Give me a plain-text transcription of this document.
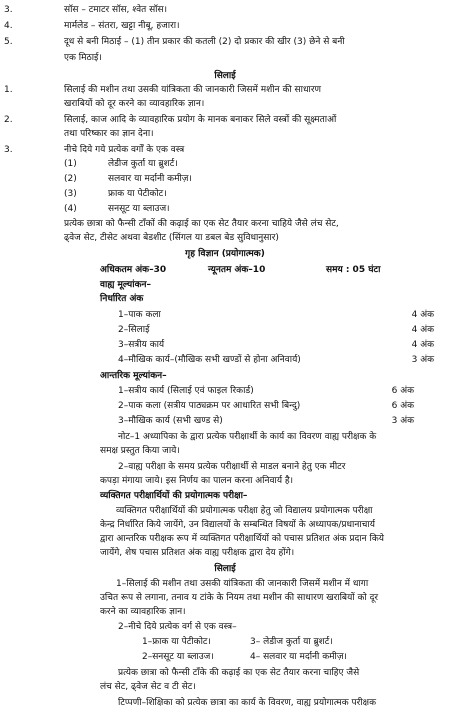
3.	सॉस – टमाटर सॉस, श्वेत सॉस।
4.	मार्मलेड – संतरा, खट्टा नीबू, हजारा।
5.	दूध से बनी मिठाई – (1) तीन प्रकार की कतली (2) दो प्रकार की खीर (3) छेने से बनी
एक मिठाई।
सिलाई
1.	सिलाई की मशीन तथा उसकी यांत्रिकता की जानकारी जिसमें मशीन की साधारण
खराबियों को दूर करने का व्यावहारिक ज्ञान।
2.	सिलाई, काज आदि के व्यावहारिक प्रयोग के मानक बनाकर सिले वस्त्रों की सूक्ष्मताओं
तथा परिष्कार का ज्ञान देना।
3.	नीचे दिये गये प्रत्येक वर्गों के एक वस्त्र
(1)	लेडीज कुर्ता या ब्रुशर्ट।
(2)	सलवार या मर्दानी कमीज़।
(3)	फ्राक या पेटीकोट।
(4)	सनसूट या ब्लाउज।
प्रत्येक छात्रा को फैन्सी टाँकों की कढ़ाई का एक सेट तैयार करना चाहिये जैसे लंच सेट,
ढ्वेज सेट, टीसेट अथवा बेडशीट (सिंगल या डबल बेड सुविधानुसार)
गृह विज्ञान (प्रयोगात्मक)
अधिकतम अंक–30	न्यूनतम अंक–10	समय : 05 घंटा
वाह्य मूल्यांकन–
निर्धारित अंक
1–पाक कला	4 अंक
2–सिलाई	4 अंक
3–सत्रीय कार्य	4 अंक
4–मौखिक कार्य–(मौखिक सभी खण्डों से होना अनिवार्य)	3 अंक
आन्तरिक मूल्यांकन–
1–सत्रीय कार्य (सिलाई एवं फाइल रिकार्ड)	6 अंक
2–पाक कला (सत्रीय पाठ्यक्रम पर आधारित सभी बिन्दु)	6 अंक
3–मौखिक कार्य (सभी खण्ड से)	3 अंक
नोट–1 अध्यापिका के द्वारा प्रत्येक परीक्षार्थी के कार्य का विवरण वाह्य परीक्षक के
समक्ष प्रस्तुत किया जाये।
2–वाह्य परीक्षा के समय प्रत्येक परीक्षार्थी से माडल बनाने हेतु एक मीटर
कपड़ा मंगाया जाये। इस निर्णय का पालन करना अनिवार्य है।
व्यक्तिगत परीक्षार्थियों की प्रयोगात्मक परीक्षा–
व्यक्तिगत परीक्षार्थियों की प्रयोगात्मक परीक्षा हेतु जो विद्यालय प्रयोगात्मक परीक्षा
केन्द्र निर्धारित किये जायेंगे, उन विद्यालयों के सम्बन्धित विषयों के अध्यापक/प्रधानाचार्य
द्वारा आन्तरिक परीक्षक रूप में व्यक्तिगत परीक्षार्थियों को पचास प्रतिशत अंक प्रदान किये
जायेंगे, शेष पचास प्रतिशत अंक वाह्य परीक्षक द्वारा देय होंगे।
सिलाई
1–सिलाई की मशीन तथा उसकी यांत्रिकता की जानकारी जिसमें मशीन में धागा
उचित रूप से लगाना, तनाव य टांके के नियम तथा मशीन की साधारण खराबियों को दूर
करने का व्यावहारिक ज्ञान।
2–नीचे दिये प्रत्येक वर्ग से एक वस्त्र–
1–फ्राक या पेटीकोट।	3– लेडीज कुर्ता या ब्रुशर्ट।
2–सनसूट या ब्लाउज।	4– सलवार या मर्दानी कमीज़।
प्रत्येक छात्रा को फैन्सी टाँके की कढ़ाई का एक सेट तैयार करना चाहिए जैसे
लंच सेट, ढ्वेज सेट व टी सेट।
टिप्पणी–शिक्षिका को प्रत्येक छात्रा का कार्य के विवरण, वाह्य प्रयोगात्मक परीक्षक
